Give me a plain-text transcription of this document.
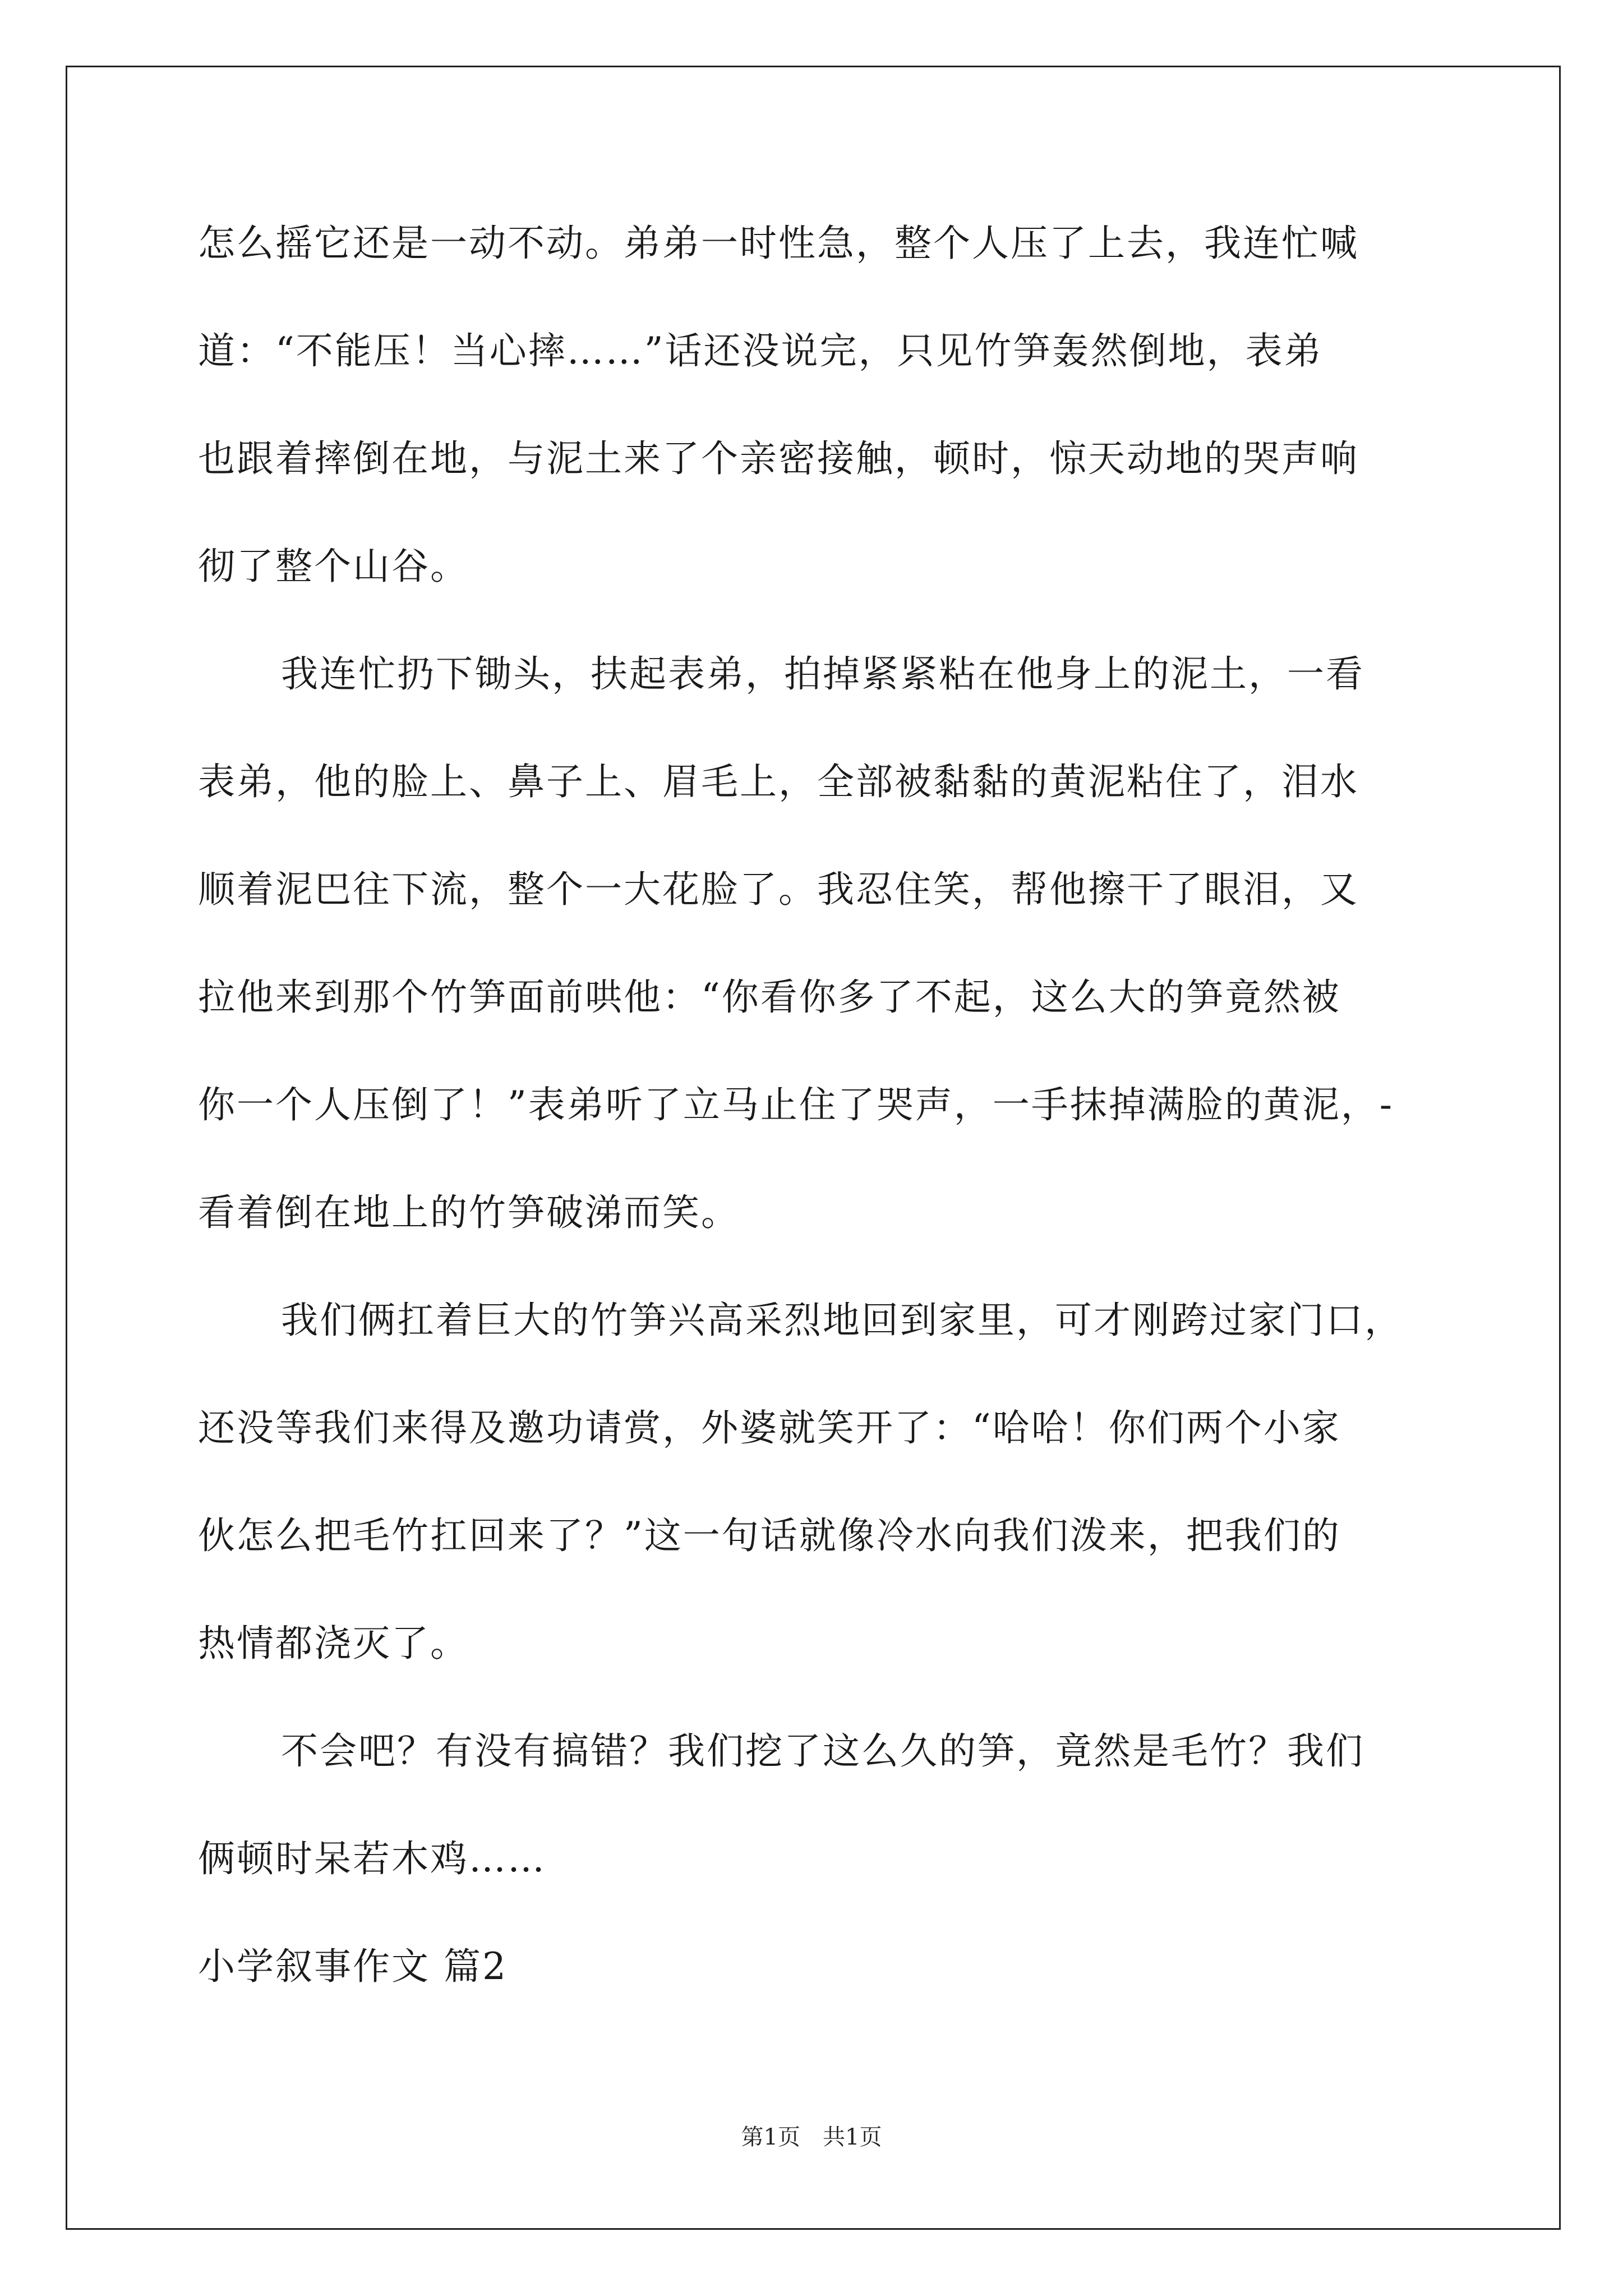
怎么摇它还是一动不动。弟弟一时性急，整个人压了上去，我连忙喊
道：“不能压！当心摔……”话还没说完，只见竹笋轰然倒地，表弟
也跟着摔倒在地，与泥土来了个亲密接触，顿时，惊天动地的哭声响
彻了整个山谷。
我连忙扔下锄头，扶起表弟，拍掉紧紧粘在他身上的泥土，一看
表弟，他的脸上、鼻子上、眉毛上，全部被黏黏的黄泥粘住了，泪水
顺着泥巴往下流，整个一大花脸了。我忍住笑，帮他擦干了眼泪，又
拉他来到那个竹笋面前哄他：“你看你多了不起，这么大的笋竟然被
你一个人压倒了！”表弟听了立马止住了哭声，一手抹掉满脸的黄泥，-
看着倒在地上的竹笋破涕而笑。
我们俩扛着巨大的竹笋兴高采烈地回到家里，可才刚跨过家门口，
还没等我们来得及邀功请赏，外婆就笑开了：“哈哈！你们两个小家
伙怎么把毛竹扛回来了？”这一句话就像冷水向我们泼来，把我们的
热情都浇灭了。
不会吧？有没有搞错？我们挖了这么久的笋，竟然是毛竹？我们
俩顿时呆若木鸡……
小学叙事作文 篇2
第1页 共1页
